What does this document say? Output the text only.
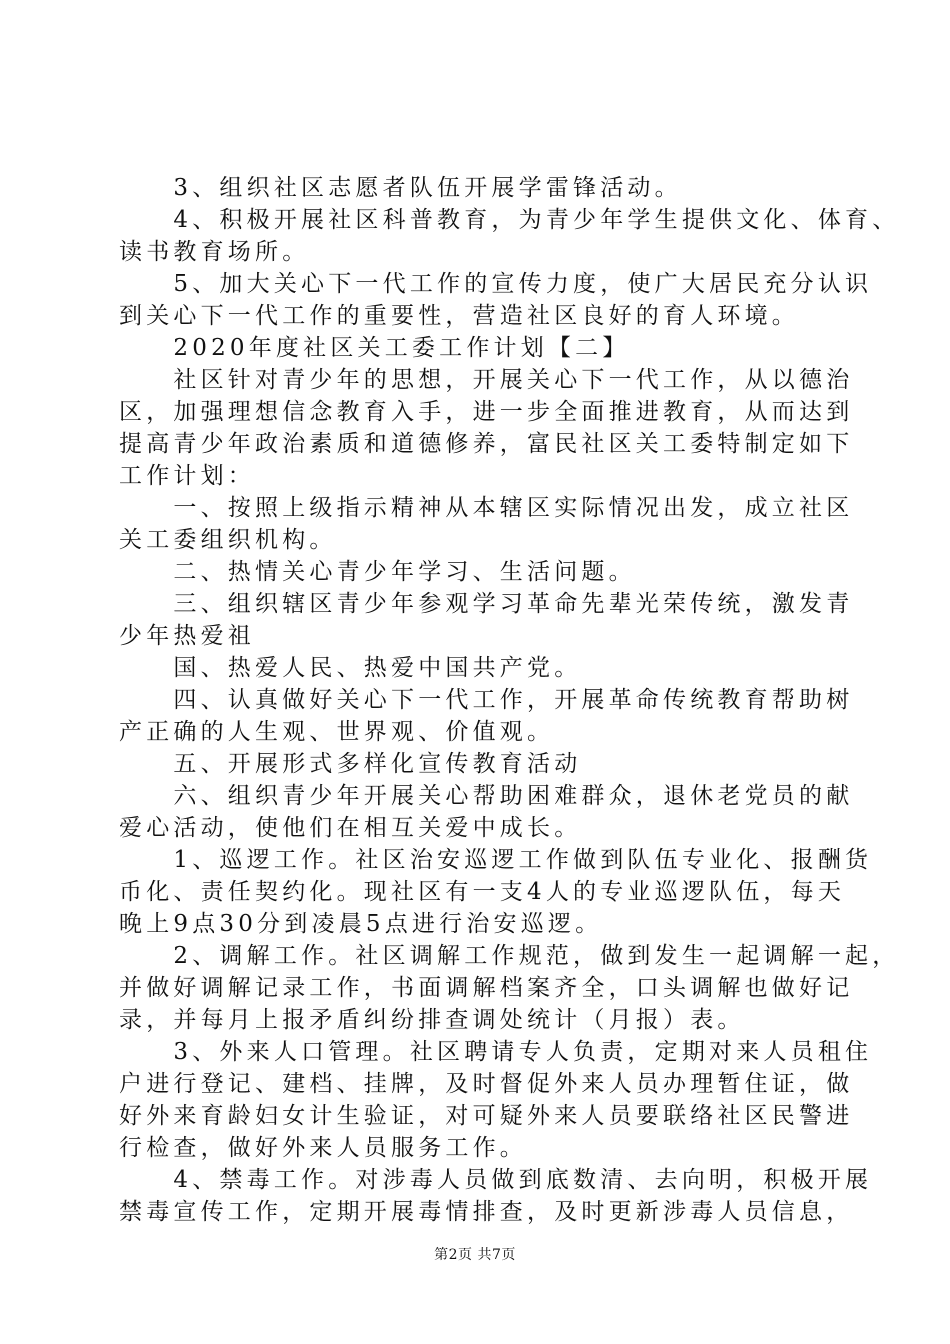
　　3、组织社区志愿者队伍开展学雷锋活动。
　　4、积极开展社区科普教育，为青少年学生提供文化、体育、
读书教育场所。
　　5、加大关心下一代工作的宣传力度，使广大居民充分认识
到关心下一代工作的重要性，营造社区良好的育人环境。
　　2020年度社区关工委工作计划【二】
　　社区针对青少年的思想，开展关心下一代工作，从以德治
区，加强理想信念教育入手，进一步全面推进教育，从而达到
提高青少年政治素质和道德修养，富民社区关工委特制定如下
工作计划：
　　一、按照上级指示精神从本辖区实际情况出发，成立社区
关工委组织机构。
　　二、热情关心青少年学习、生活问题。
　　三、组织辖区青少年参观学习革命先辈光荣传统，激发青
少年热爱祖
　　国、热爱人民、热爱中国共产党。
　　四、认真做好关心下一代工作，开展革命传统教育帮助树
产正确的人生观、世界观、价值观。
　　五、开展形式多样化宣传教育活动
　　六、组织青少年开展关心帮助困难群众，退休老党员的献
爱心活动，使他们在相互关爱中成长。
　　1、巡逻工作。社区治安巡逻工作做到队伍专业化、报酬货
币化、责任契约化。现社区有一支4人的专业巡逻队伍，每天
晚上9点30分到凌晨5点进行治安巡逻。
　　2、调解工作。社区调解工作规范，做到发生一起调解一起，
并做好调解记录工作，书面调解档案齐全，口头调解也做好记
录，并每月上报矛盾纠纷排查调处统计（月报）表。
　　3、外来人口管理。社区聘请专人负责，定期对来人员租住
户进行登记、建档、挂牌，及时督促外来人员办理暂住证，做
好外来育龄妇女计生验证，对可疑外来人员要联络社区民警进
行检查，做好外来人员服务工作。
　　4、禁毒工作。对涉毒人员做到底数清、去向明，积极开展
禁毒宣传工作，定期开展毒情排查，及时更新涉毒人员信息，
第2页 共7页
